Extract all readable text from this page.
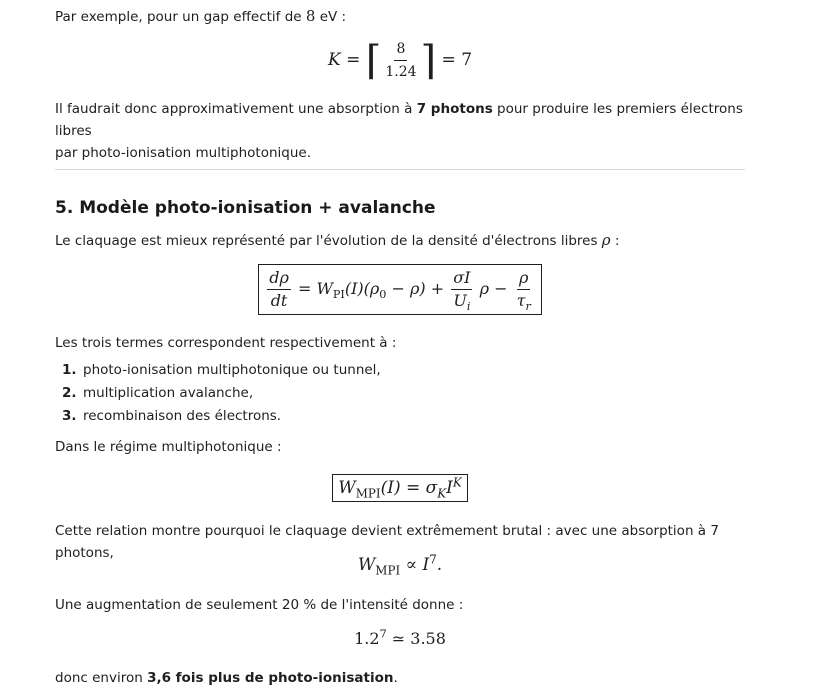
Par exemple, pour un gap effectif de 8 eV :
K = ⌈ $\frac{8}{1.24}$ ⌉ = 7
Il faudrait donc approximativement une absorption à 7 photons pour produire les premiers électrons libres
par photo-ionisation multiphotonique.
5. Modèle photo-ionisation + avalanche
Le claquage est mieux représenté par l'évolution de la densité d'électrons libres ρ :
$\frac{d\rho}{dt} = W_{PI}(I)(\rho_0 - \rho) + \frac{\sigma I}{U_i}$ $\rho - \frac{\rho}{\tau_r}$
Les trois termes correspondent respectivement à :
1. photo-ionisation multiphotonique ou tunnel,
2. multiplication avalanche,
3. recombinaison des électrons.
Dans le régime multiphotonique :
$W_{MPI}(I) = \sigma_KI^K$
Cette relation montre pourquoi le claquage devient extrêmement brutal : avec une absorption à 7 photons,
$W_{MPI} \propto I^7$.
Une augmentation de seulement 20 % de l'intensité donne :
$1.2^7$ ≃ 3.58
donc environ 3,6 fois plus de photo-ionisation.
